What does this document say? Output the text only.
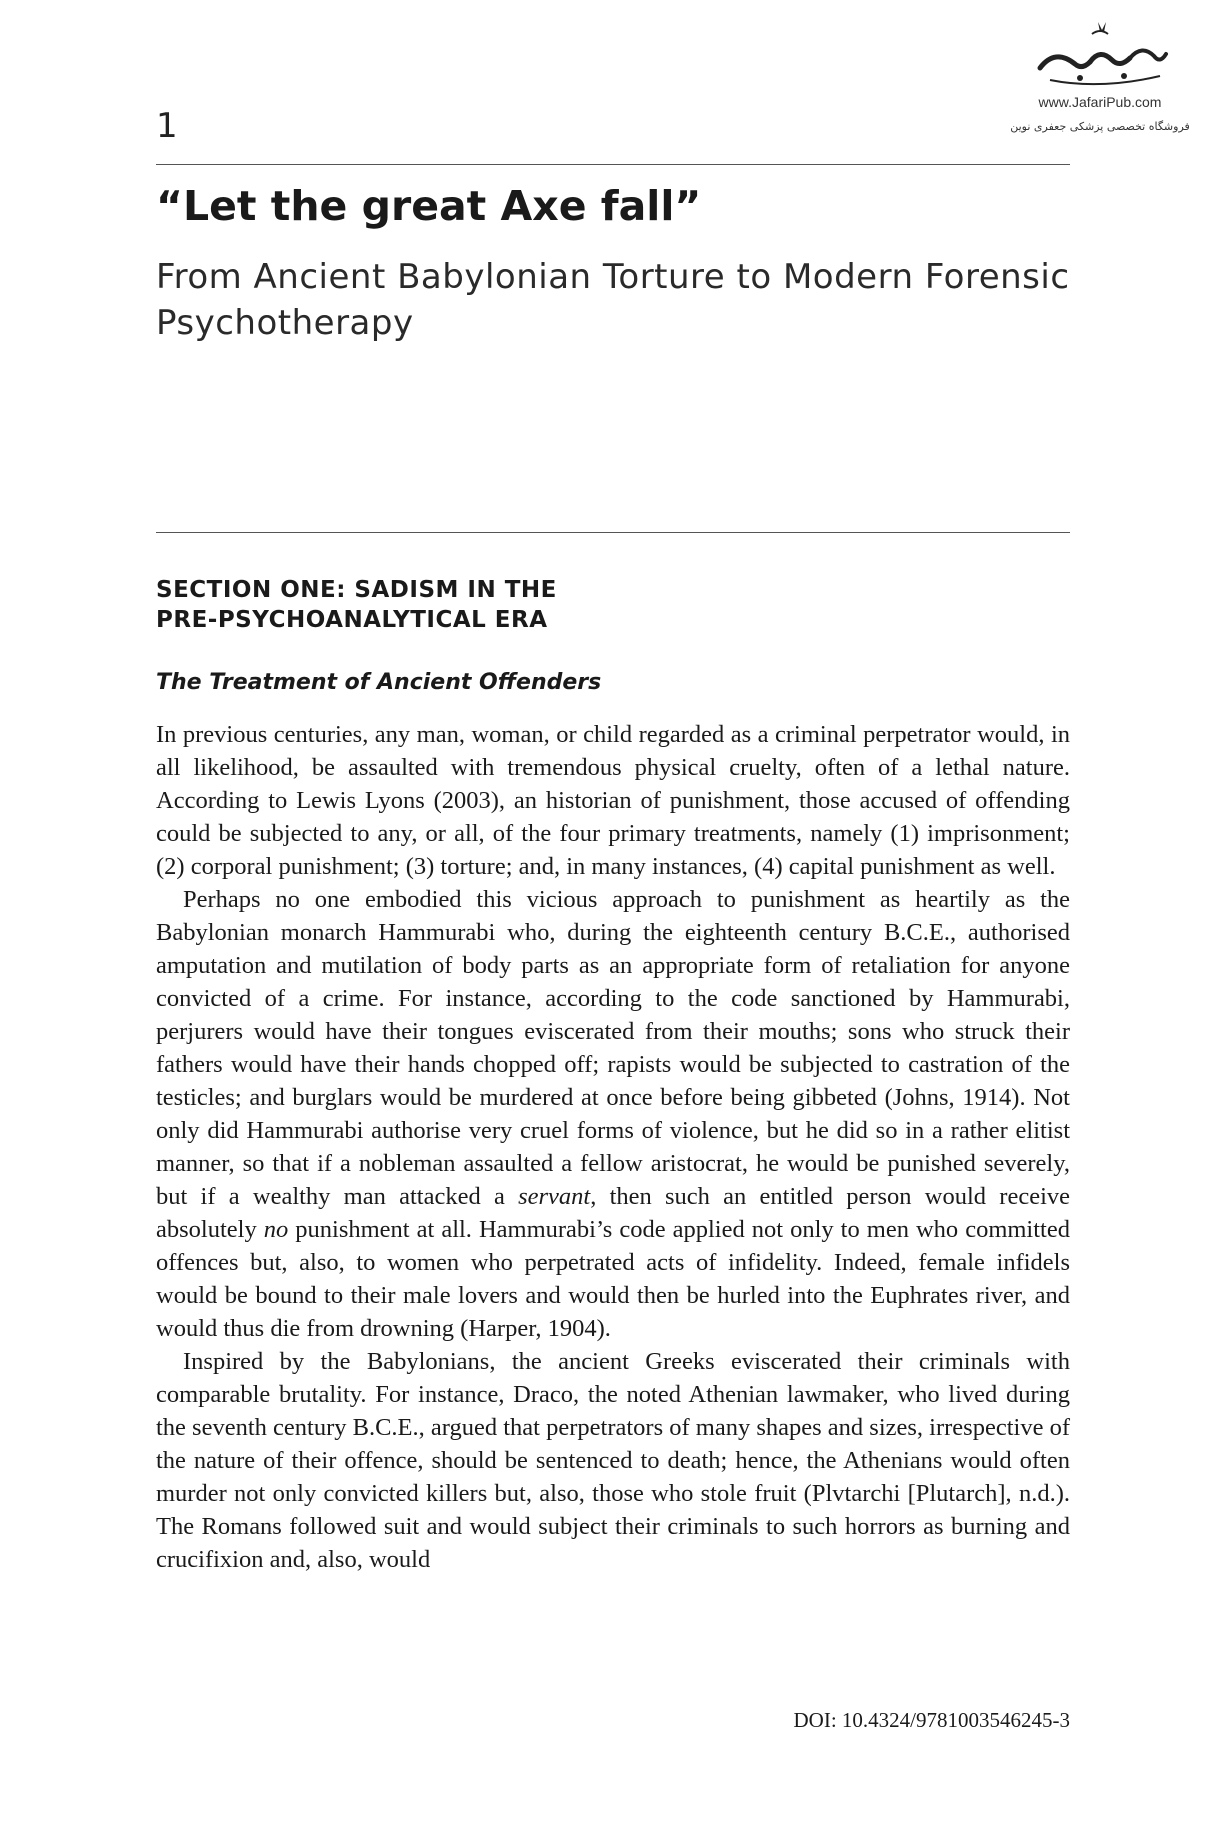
www.JafariPub.com
فروشگاه تخصصی پزشکی جعفری نوین
1
“Let the great Axe fall”
From Ancient Babylonian Torture to Modern Forensic Psychotherapy
SECTION ONE: SADISM IN THE
PRE-PSYCHOANALYTICAL ERA
The Treatment of Ancient Offenders

In previous centuries, any man, woman, or child regarded as a criminal perpetrator would, in all likelihood, be assaulted with tremendous physical cruelty, often of a lethal nature. According to Lewis Lyons (2003), an historian of punishment, those accused of offending could be subjected to any, or all, of the four primary treatments, namely (1) imprisonment; (2) corporal punishment; (3) torture; and, in many instances, (4) capital punishment as well.

Perhaps no one embodied this vicious approach to punishment as heartily as the Babylonian monarch Hammurabi who, during the eighteenth century B.C.E., authorised amputation and mutilation of body parts as an appropriate form of retaliation for anyone convicted of a crime. For instance, according to the code sanctioned by Hammurabi, perjurers would have their tongues eviscerated from their mouths; sons who struck their fathers would have their hands chopped off; rapists would be subjected to castration of the testicles; and burglars would be murdered at once before being gibbeted (Johns, 1914). Not only did Hammurabi authorise very cruel forms of violence, but he did so in a rather elitist manner, so that if a nobleman assaulted a fellow aristocrat, he would be punished severely, but if a wealthy man attacked a servant, then such an entitled person would receive absolutely no punishment at all. Hammurabi’s code applied not only to men who committed offences but, also, to women who perpetrated acts of infidelity. Indeed, female infidels would be bound to their male lovers and would then be hurled into the Euphrates river, and would thus die from drowning (Harper, 1904).

Inspired by the Babylonians, the ancient Greeks eviscerated their criminals with comparable brutality. For instance, Draco, the noted Athenian lawmaker, who lived during the seventh century B.C.E., argued that perpetrators of many shapes and sizes, irrespective of the nature of their offence, should be sentenced to death; hence, the Athenians would often murder not only convicted killers but, also, those who stole fruit (Plvtarchi [Plutarch], n.d.). The Romans followed suit and would subject their criminals to such horrors as burning and crucifixion and, also, would

DOI: 10.4324/9781003546245-3
